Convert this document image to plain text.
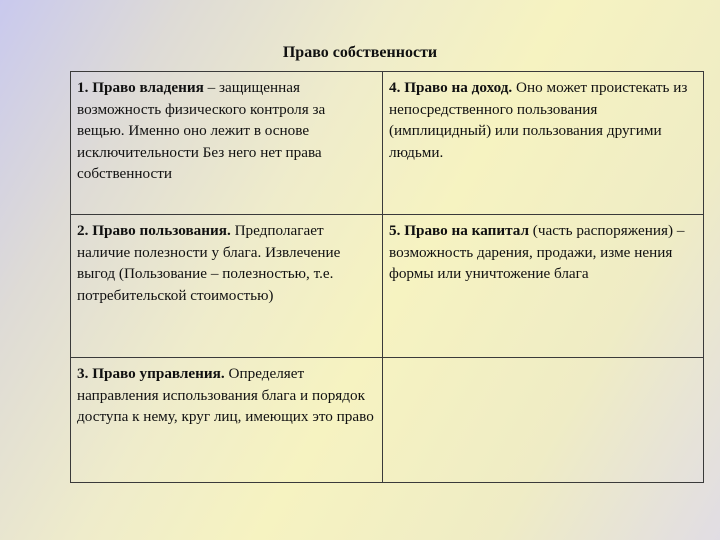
Право собственности
1. Право владения – защищенная возможность физического контроля за вещью. Именно оно лежит в основе исключительности Без него нет права собственности	4. Право на доход. Оно может проистекать из непосредственного пользования (имплицидный) или пользования другими людьми.
2. Право пользования. Предполагает наличие полезности у блага. Извлечение выгод (Пользование – полезностью, т.е. потребительской стоимостью)	5. Право на капитал (часть распоряжения) – возможность дарения, продажи, изме нения формы или уничтожение блага
3. Право управления. Определяет направления использования блага и порядок доступа к нему, круг лиц, имеющих это право	
